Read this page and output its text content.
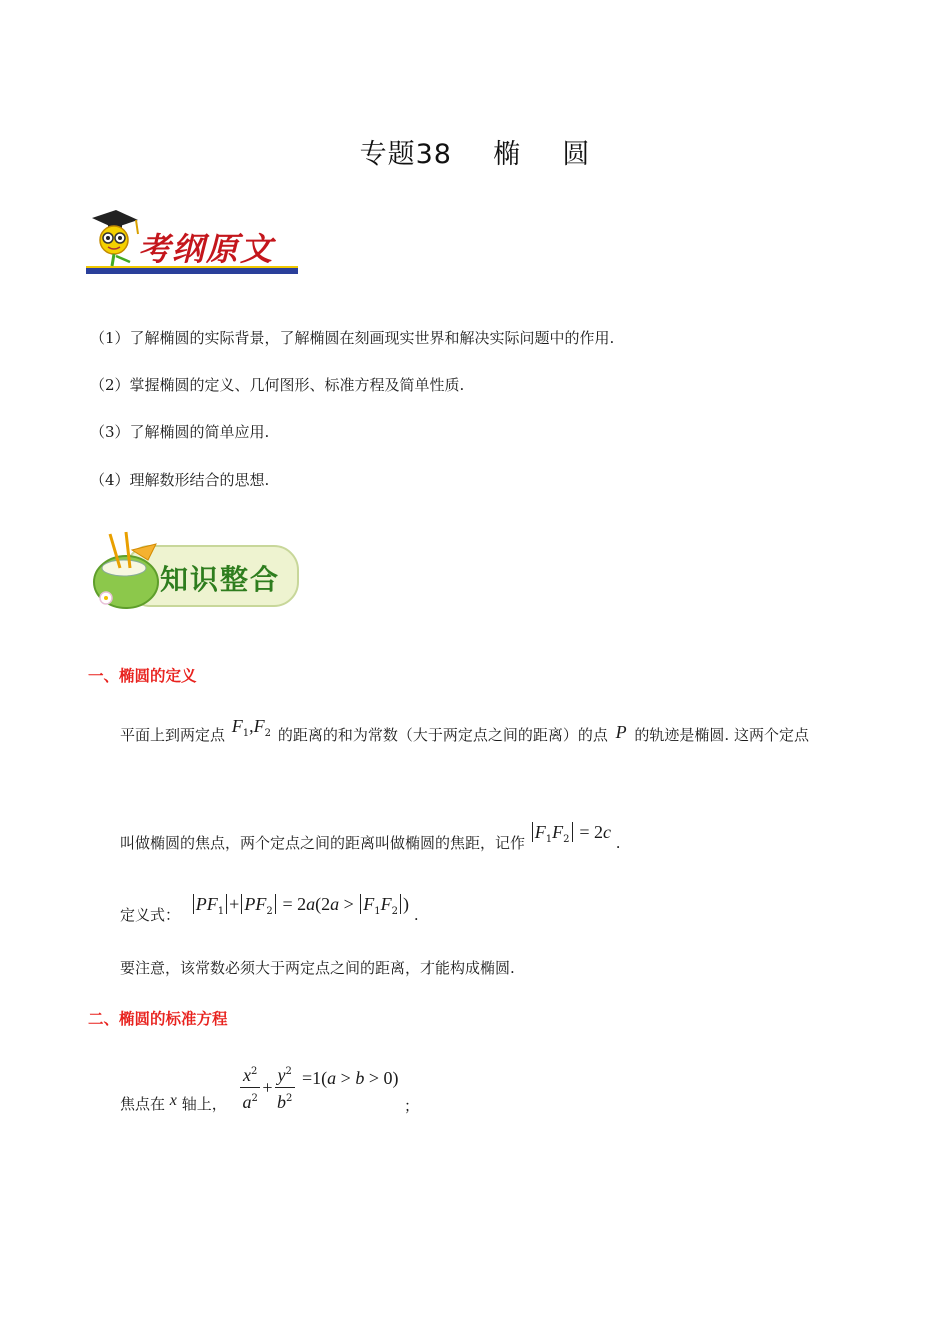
专题38 椭 圆
考纲原文
（1）了解椭圆的实际背景，了解椭圆在刻画现实世界和解决实际问题中的作用.
（2）掌握椭圆的定义、几何图形、标准方程及简单性质.
（3）了解椭圆的简单应用.
（4）理解数形结合的思想.
知识整合
一、椭圆的定义
平面上到两定点 $F_1,F_2$ 的距离的和为常数（大于两定点之间的距离）的点 P 的轨迹是椭圆. 这两个定点
叫做椭圆的焦点，两个定点之间的距离叫做椭圆的焦距，记作 $F_1F_2 = 2c$ .
定义式： $PF_1 + PF_2 = 2a(2a > F_1F_2$ ) .
要注意，该常数必须大于两定点之间的距离，才能构成椭圆.
二、椭圆的标准方程
焦点在 x 轴上， $\frac{x^2}{a^2} + \frac{y^2}{b^2} =1(a > b > 0)$
；
